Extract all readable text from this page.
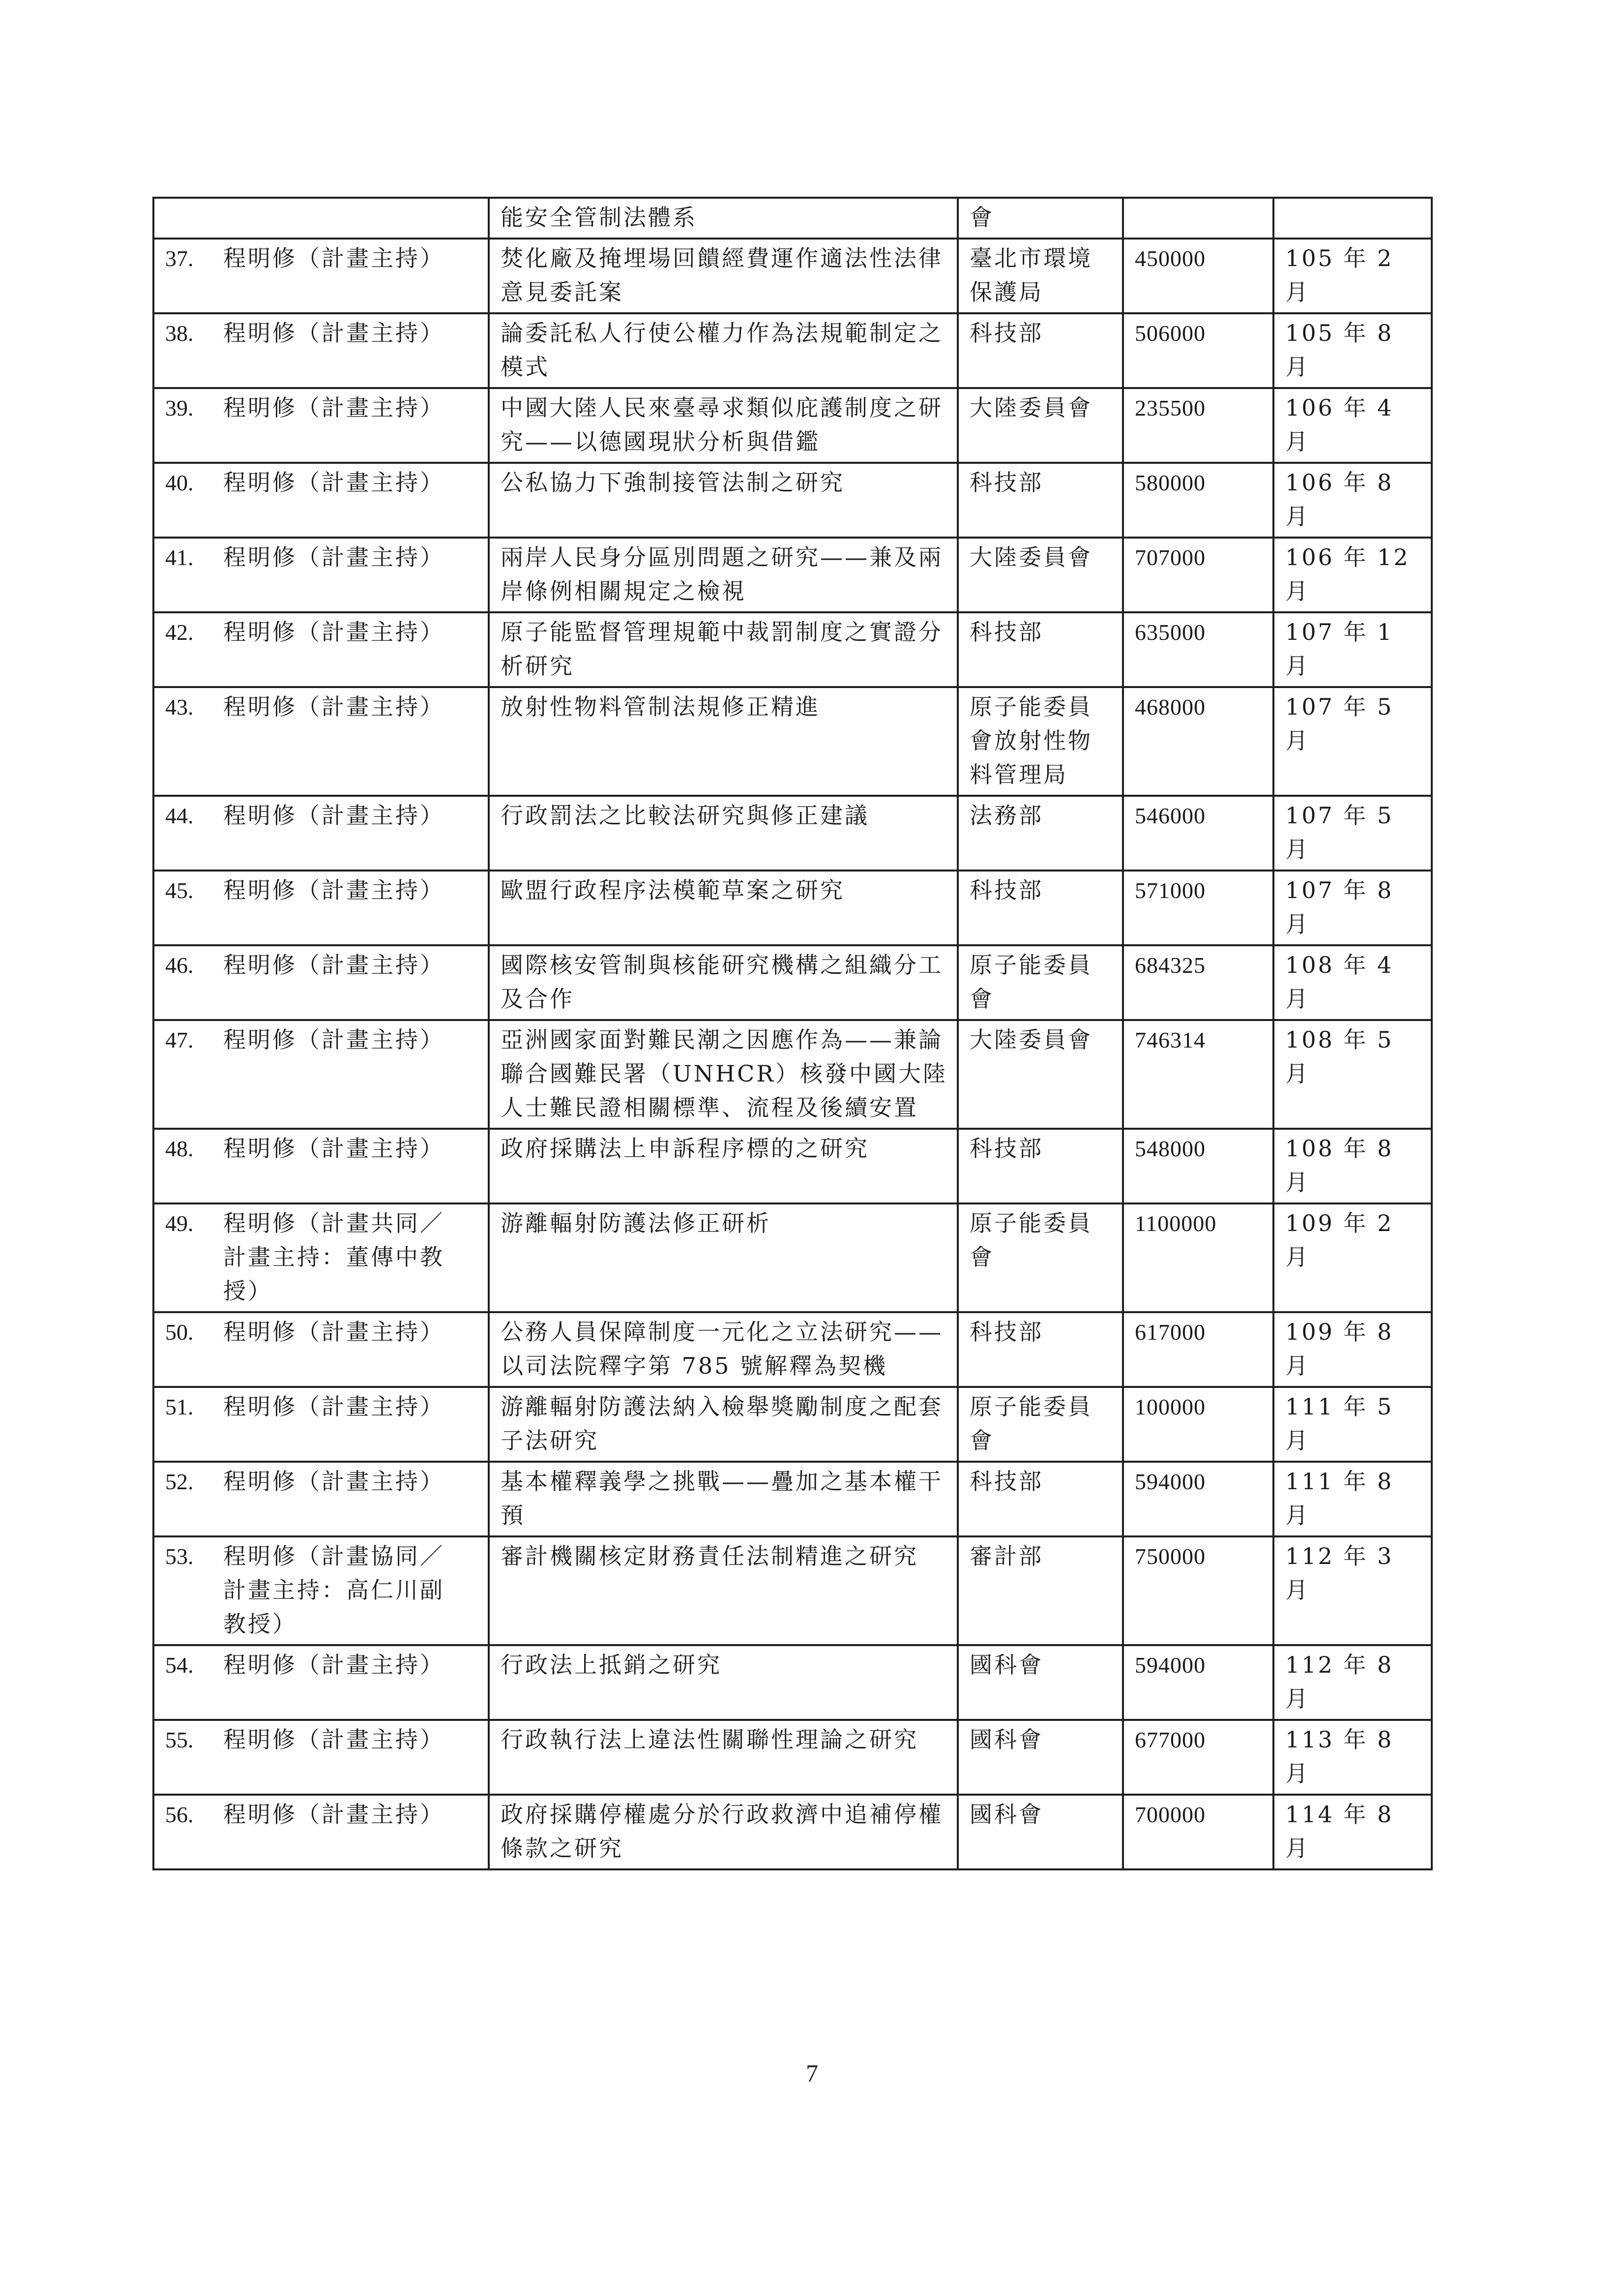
	能安全管制法體系	會		
37. 程明修（計畫主持）	焚化廠及掩埋場回饋經費運作適法性法律意見委託案	臺北市環境保護局	450000	105 年 2 月
38. 程明修（計畫主持）	論委託私人行使公權力作為法規範制定之模式	科技部	506000	105 年 8 月
39. 程明修（計畫主持）	中國大陸人民來臺尋求類似庇護制度之研究——以德國現狀分析與借鑑	大陸委員會	235500	106 年 4 月
40. 程明修（計畫主持）	公私協力下強制接管法制之研究	科技部	580000	106 年 8 月
41. 程明修（計畫主持）	兩岸人民身分區別問題之研究——兼及兩岸條例相關規定之檢視	大陸委員會	707000	106 年 12 月
42. 程明修（計畫主持）	原子能監督管理規範中裁罰制度之實證分析研究	科技部	635000	107 年 1 月
43. 程明修（計畫主持）	放射性物料管制法規修正精進	原子能委員會放射性物料管理局	468000	107 年 5 月
44. 程明修（計畫主持）	行政罰法之比較法研究與修正建議	法務部	546000	107 年 5 月
45. 程明修（計畫主持）	歐盟行政程序法模範草案之研究	科技部	571000	107 年 8 月
46. 程明修（計畫主持）	國際核安管制與核能研究機構之組織分工及合作	原子能委員會	684325	108 年 4 月
47. 程明修（計畫主持）	亞洲國家面對難民潮之因應作為——兼論聯合國難民署（UNHCR）核發中國大陸人士難民證相關標準、流程及後續安置	大陸委員會	746314	108 年 5 月
48. 程明修（計畫主持）	政府採購法上申訴程序標的之研究	科技部	548000	108 年 8 月
49. 程明修（計畫共同／計畫主持：董傳中教授）	游離輻射防護法修正研析	原子能委員會	1100000	109 年 2 月
50. 程明修（計畫主持）	公務人員保障制度一元化之立法研究——以司法院釋字第 785 號解釋為契機	科技部	617000	109 年 8 月
51. 程明修（計畫主持）	游離輻射防護法納入檢舉獎勵制度之配套子法研究	原子能委員會	100000	111 年 5 月
52. 程明修（計畫主持）	基本權釋義學之挑戰——疊加之基本權干預	科技部	594000	111 年 8 月
53. 程明修（計畫協同／計畫主持：高仁川副教授）	審計機關核定財務責任法制精進之研究	審計部	750000	112 年 3 月
54. 程明修（計畫主持）	行政法上抵銷之研究	國科會	594000	112 年 8 月
55. 程明修（計畫主持）	行政執行法上違法性關聯性理論之研究	國科會	677000	113 年 8 月
56. 程明修（計畫主持）	政府採購停權處分於行政救濟中追補停權條款之研究	國科會	700000	114 年 8 月
7
